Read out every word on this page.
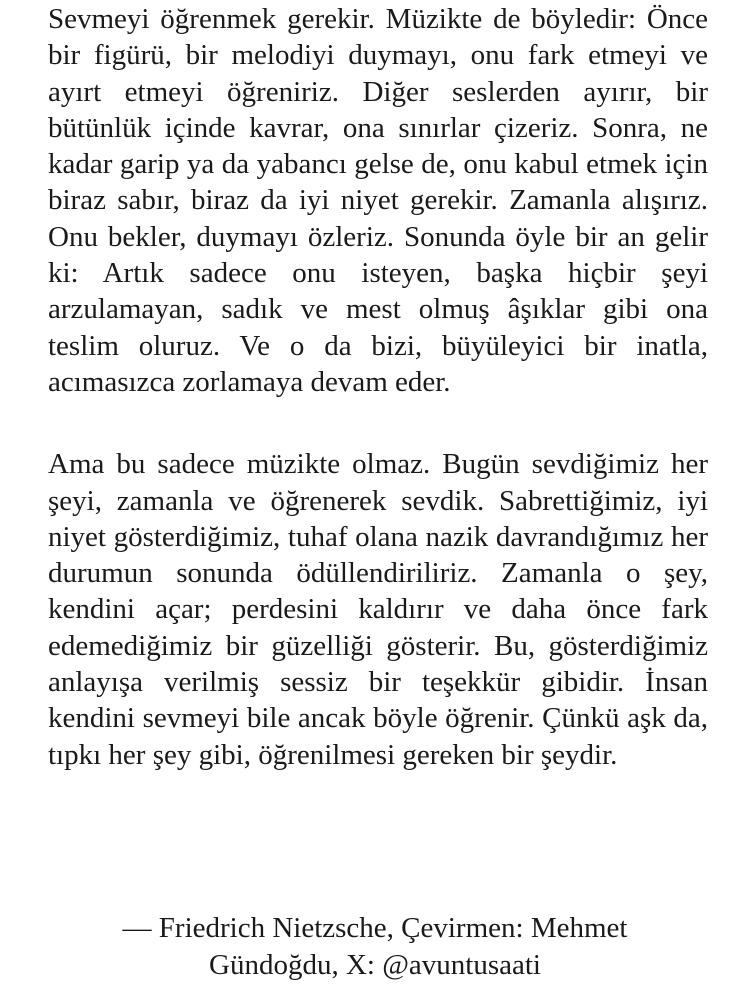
Sevmeyi öğrenmek gerekir. Müzikte de böyledir: Önce bir figürü, bir melodiyi duymayı, onu fark etmeyi ve ayırt etmeyi öğreniriz. Diğer seslerden ayırır, bir bütünlük içinde kavrar, ona sınırlar çizeriz. Sonra, ne kadar garip ya da yabancı gelse de, onu kabul etmek için biraz sabır, biraz da iyi niyet gerekir. Zamanla alışırız. Onu bekler, duymayı özleriz. Sonunda öyle bir an gelir ki: Artık sadece onu isteyen, başka hiçbir şeyi arzulamayan, sadık ve mest olmuş âşıklar gibi ona teslim oluruz. Ve o da bizi, büyüleyici bir inatla, acımasızca zorlamaya devam eder.

Ama bu sadece müzikte olmaz. Bugün sevdiğimiz her şeyi, zamanla ve öğrenerek sevdik. Sabrettiğimiz, iyi niyet gösterdiğimiz, tuhaf olana nazik davrandığımız her durumun sonunda ödüllendiriliriz. Zamanla o şey, kendini açar; perdesini kaldırır ve daha önce fark edemediğimiz bir güzelliği gösterir. Bu, gösterdiğimiz anlayışa verilmiş sessiz bir teşekkür gibidir. İnsan kendini sevmeyi bile ancak böyle öğrenir. Çünkü aşk da, tıpkı her şey gibi, öğrenilmesi gereken bir şeydir.

— Friedrich Nietzsche, Çevirmen: Mehmet
Gündoğdu, X: @avuntusaati
